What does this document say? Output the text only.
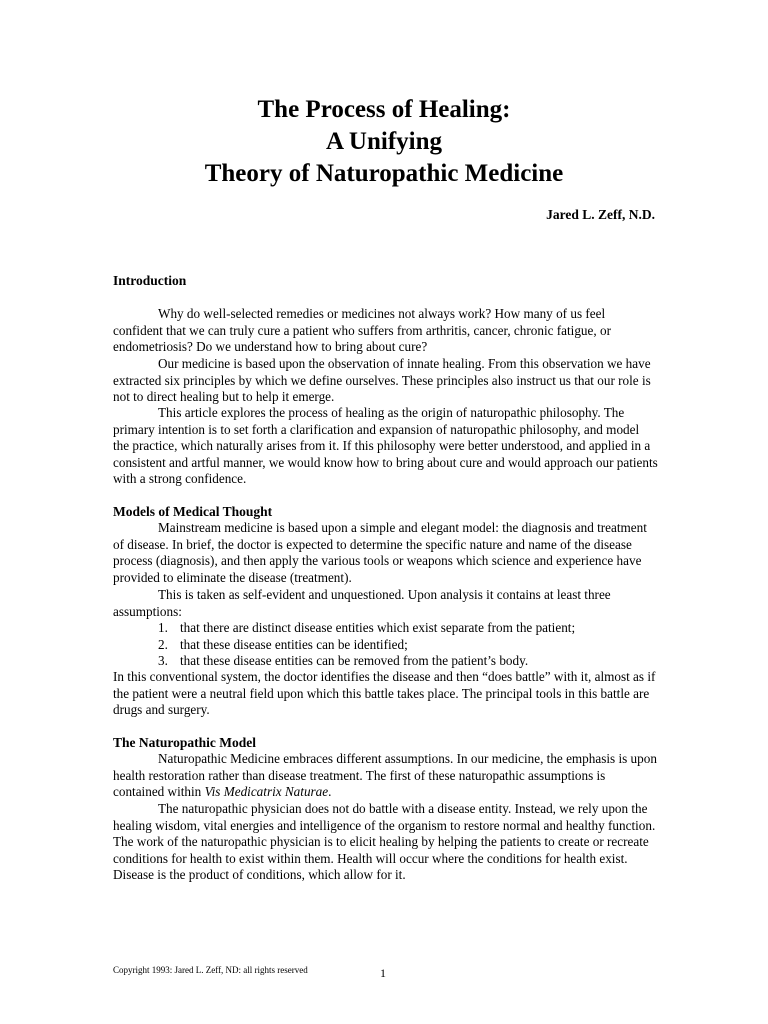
The Process of Healing:
A Unifying
Theory of Naturopathic Medicine
Jared L. Zeff, N.D.
Introduction

Why do well-selected remedies or medicines not always work? How many of us feel confident that we can truly cure a patient who suffers from arthritis, cancer, chronic fatigue, or endometriosis? Do we understand how to bring about cure?

Our medicine is based upon the observation of innate healing. From this observation we have extracted six principles by which we define ourselves. These principles also instruct us that our role is not to direct healing but to help it emerge.

This article explores the process of healing as the origin of naturopathic philosophy. The primary intention is to set forth a clarification and expansion of naturopathic philosophy, and model the practice, which naturally arises from it. If this philosophy were better understood, and applied in a consistent and artful manner, we would know how to bring about cure and would approach our patients with a strong confidence.

Models of Medical Thought

Mainstream medicine is based upon a simple and elegant model: the diagnosis and treatment of disease. In brief, the doctor is expected to determine the specific nature and name of the disease process (diagnosis), and then apply the various tools or weapons which science and experience have provided to eliminate the disease (treatment).

This is taken as self-evident and unquestioned. Upon analysis it contains at least three assumptions:

1. that there are distinct disease entities which exist separate from the patient;
2. that these disease entities can be identified;
3. that these disease entities can be removed from the patient’s body.

In this conventional system, the doctor identifies the disease and then “does battle” with it, almost as if the patient were a neutral field upon which this battle takes place. The principal tools in this battle are drugs and surgery.

The Naturopathic Model

Naturopathic Medicine embraces different assumptions. In our medicine, the emphasis is upon health restoration rather than disease treatment. The first of these naturopathic assumptions is contained within Vis Medicatrix Naturae.

The naturopathic physician does not do battle with a disease entity. Instead, we rely upon the healing wisdom, vital energies and intelligence of the organism to restore normal and healthy function. The work of the naturopathic physician is to elicit healing by helping the patients to create or recreate conditions for health to exist within them. Health will occur where the conditions for health exist. Disease is the product of conditions, which allow for it.

Copyright 1993: Jared L. Zeff, ND: all rights reserved	1
